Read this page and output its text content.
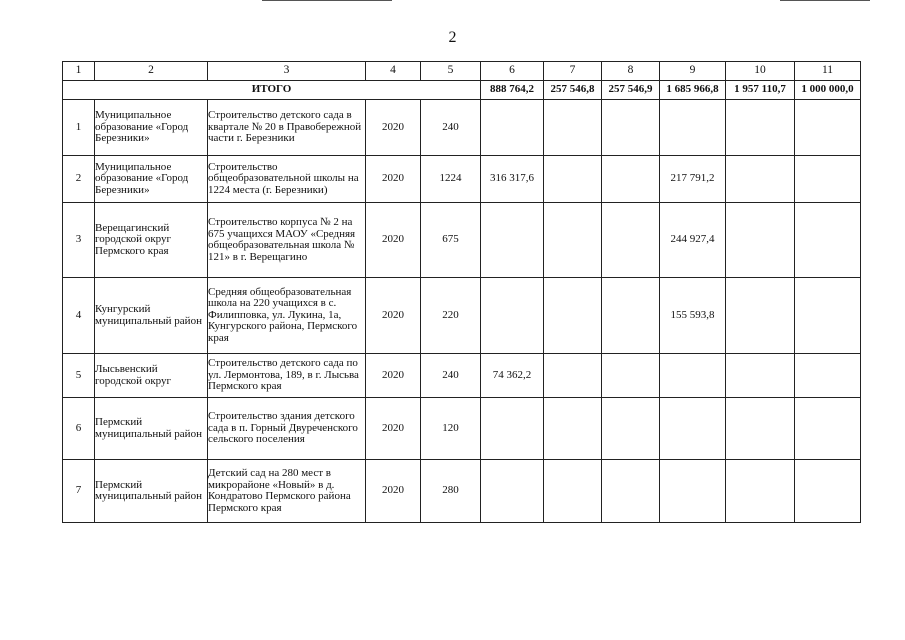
2
1	2	3	4	5	6	7	8	9	10	11
ИТОГО					888 764,2	257 546,8	257 546,9	1 685 966,8	1 957 110,7	1 000 000,0
1	Муниципальное образование «Город Березники»	Строительство детского сада в квартале № 20 в Правобережной части г. Березники	2020	240						
2	Муниципальное образование «Город Березники»	Строительство общеобразовательной школы на 1224 места (г. Березники)	2020	1224	316 317,6			217 791,2		
3	Верещагинский городской округ Пермского края	Строительство корпуса № 2 на 675 учащихся МАОУ «Средняя общеобразовательная школа № 121» в г. Верещагино	2020	675				244 927,4		
4	Кунгурский муниципальный район	Средняя общеобразовательная школа на 220 учащихся в с. Филипповка, ул. Лукина, 1а, Кунгурского района, Пермского края	2020	220				155 593,8		
5	Лысьвенский городской округ	Строительство детского сада по ул. Лермонтова, 189, в г. Лысьва Пермского края	2020	240	74 362,2					
6	Пермский муниципальный район	Строительство здания детского сада в п. Горный Двуреченского сельского поселения	2020	120						
7	Пермский муниципальный район	Детский сад на 280 мест в микрорайоне «Новый» в д. Кондратово Пермского района Пермского края	2020	280						
